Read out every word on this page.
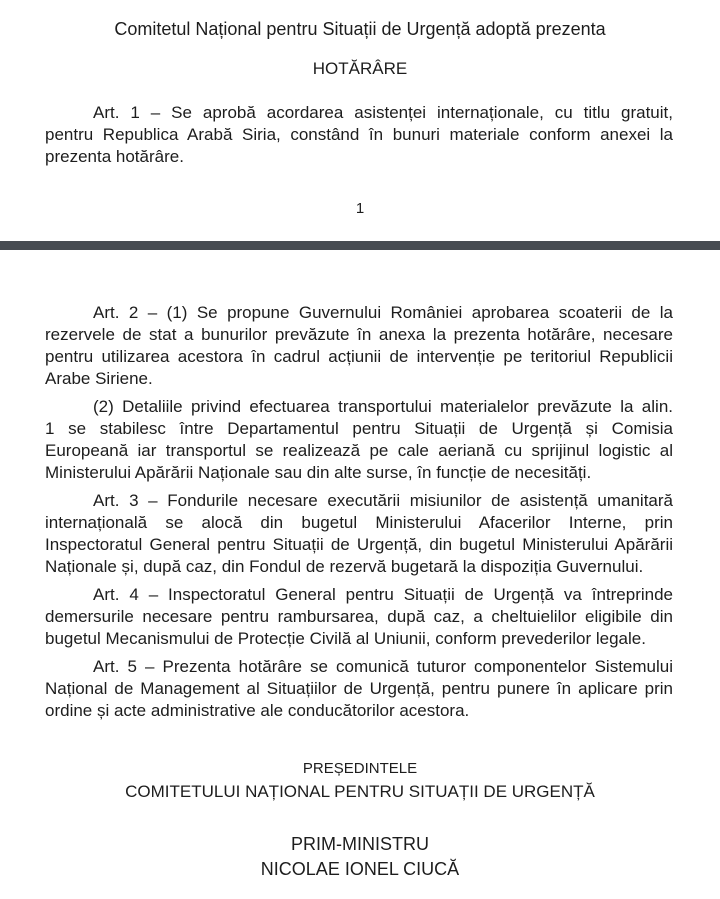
Comitetul Național pentru Situații de Urgență adoptă prezenta
HOTĂRÂRE
Art. 1 – Se aprobă acordarea asistenței internaționale, cu titlu gratuit,
pentru Republica Arabă Siria, constând în bunuri materiale conform anexei la
prezenta hotărâre.
1
Art. 2 – (1) Se propune Guvernului României aprobarea scoaterii de la
rezervele de stat a bunurilor prevăzute în anexa la prezenta hotărâre, necesare
pentru utilizarea acestora în cadrul acțiunii de intervenție pe teritoriul Republicii
Arabe Siriene.
(2) Detaliile privind efectuarea transportului materialelor prevăzute la alin.
1 se stabilesc între Departamentul pentru Situații de Urgență și Comisia
Europeană iar transportul se realizează pe cale aeriană cu sprijinul logistic al
Ministerului Apărării Naționale sau din alte surse, în funcție de necesități.
Art. 3 – Fondurile necesare executării misiunilor de asistență umanitară
internațională se alocă din bugetul Ministerului Afacerilor Interne, prin
Inspectoratul General pentru Situații de Urgență, din bugetul Ministerului Apărării
Naționale și, după caz, din Fondul de rezervă bugetară la dispoziția Guvernului.
Art. 4 – Inspectoratul General pentru Situații de Urgență va întreprinde
demersurile necesare pentru rambursarea, după caz, a cheltuielilor eligibile din
bugetul Mecanismului de Protecție Civilă al Uniunii, conform prevederilor legale.
Art. 5 – Prezenta hotărâre se comunică tuturor componentelor Sistemului
Național de Management al Situațiilor de Urgență, pentru punere în aplicare prin
ordine și acte administrative ale conducătorilor acestora.
PREȘEDINTELE
COMITETULUI NAȚIONAL PENTRU SITUAȚII DE URGENȚĂ
PRIM-MINISTRU
NICOLAE IONEL CIUCĂ
